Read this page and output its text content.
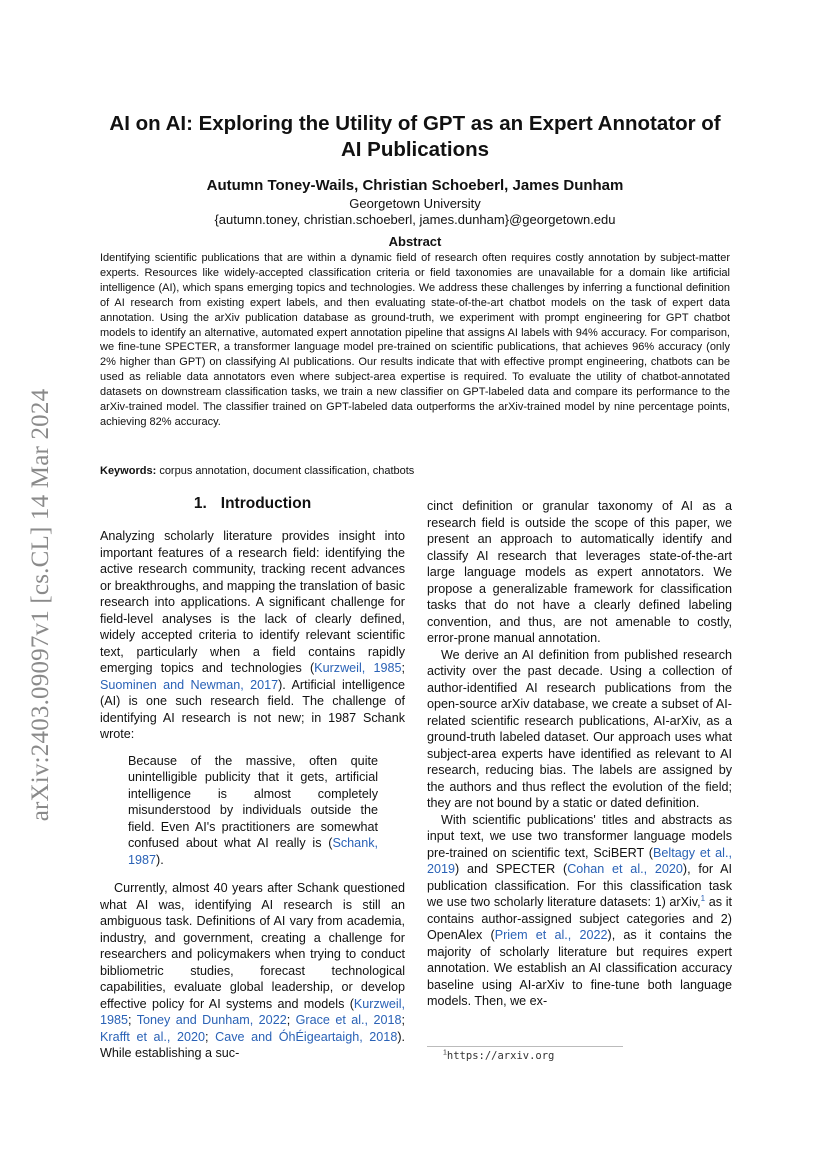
arXiv:2403.09097v1 [cs.CL] 14 Mar 2024
AI on AI: Exploring the Utility of GPT as an Expert Annotator of AI Publications
Autumn Toney-Wails, Christian Schoeberl, James Dunham
Georgetown University
{autumn.toney, christian.schoeberl, james.dunham}@georgetown.edu
Abstract

Identifying scientific publications that are within a dynamic field of research often requires costly annotation by subject-matter experts. Resources like widely-accepted classification criteria or field taxonomies are unavailable for a domain like artificial intelligence (AI), which spans emerging topics and technologies. We address these challenges by inferring a functional definition of AI research from existing expert labels, and then evaluating state-of-the-art chatbot models on the task of expert data annotation. Using the arXiv publication database as ground-truth, we experiment with prompt engineering for GPT chatbot models to identify an alternative, automated expert annotation pipeline that assigns AI labels with 94% accuracy. For comparison, we fine-tune SPECTER, a transformer language model pre-trained on scientific publications, that achieves 96% accuracy (only 2% higher than GPT) on classifying AI publications. Our results indicate that with effective prompt engineering, chatbots can be used as reliable data annotators even where subject-area expertise is required. To evaluate the utility of chatbot-annotated datasets on downstream classification tasks, we train a new classifier on GPT-labeled data and compare its performance to the arXiv-trained model. The classifier trained on GPT-labeled data outperforms the arXiv-trained model by nine percentage points, achieving 82% accuracy.

Keywords: corpus annotation, document classification, chatbots
1. Introduction

Analyzing scholarly literature provides insight into important features of a research field: identifying the active research community, tracking recent advances or breakthroughs, and mapping the translation of basic research into applications. A significant challenge for field-level analyses is the lack of clearly defined, widely accepted criteria to identify relevant scientific text, particularly when a field contains rapidly emerging topics and technologies (Kurzweil, 1985; Suominen and Newman, 2017). Artificial intelligence (AI) is one such research field. The challenge of identifying AI research is not new; in 1987 Schank wrote:

Because of the massive, often quite unintelligible publicity that it gets, artificial intelligence is almost completely misunderstood by individuals outside the field. Even AI's practitioners are somewhat confused about what AI really is (Schank, 1987).

Currently, almost 40 years after Schank questioned what AI was, identifying AI research is still an ambiguous task. Definitions of AI vary from academia, industry, and government, creating a challenge for researchers and policymakers when trying to conduct bibliometric studies, forecast technological capabilities, evaluate global leadership, or develop effective policy for AI systems and models (Kurzweil, 1985; Toney and Dunham, 2022; Grace et al., 2018; Krafft et al., 2020; Cave and ÓhÉigeartaigh, 2018). While establishing a suc-

cinct definition or granular taxonomy of AI as a research field is outside the scope of this paper, we present an approach to automatically identify and classify AI research that leverages state-of-the-art large language models as expert annotators. We propose a generalizable framework for classification tasks that do not have a clearly defined labeling convention, and thus, are not amenable to costly, error-prone manual annotation.

We derive an AI definition from published research activity over the past decade. Using a collection of author-identified AI research publications from the open-source arXiv database, we create a subset of AI-related scientific research publications, AI-arXiv, as a ground-truth labeled dataset. Our approach uses what subject-area experts have identified as relevant to AI research, reducing bias. The labels are assigned by the authors and thus reflect the evolution of the field; they are not bound by a static or dated definition.

With scientific publications' titles and abstracts as input text, we use two transformer language models pre-trained on scientific text, SciBERT (Beltagy et al., 2019) and SPECTER (Cohan et al., 2020), for AI publication classification. For this classification task we use two scholarly literature datasets: 1) arXiv,$^1$ as it contains author-assigned subject categories and 2) OpenAlex (Priem et al., 2022), as it contains the majority of scholarly literature but requires expert annotation. We establish an AI classification accuracy baseline using AI-arXiv to fine-tune both language models. Then, we ex-

$^1$https://arxiv.org
